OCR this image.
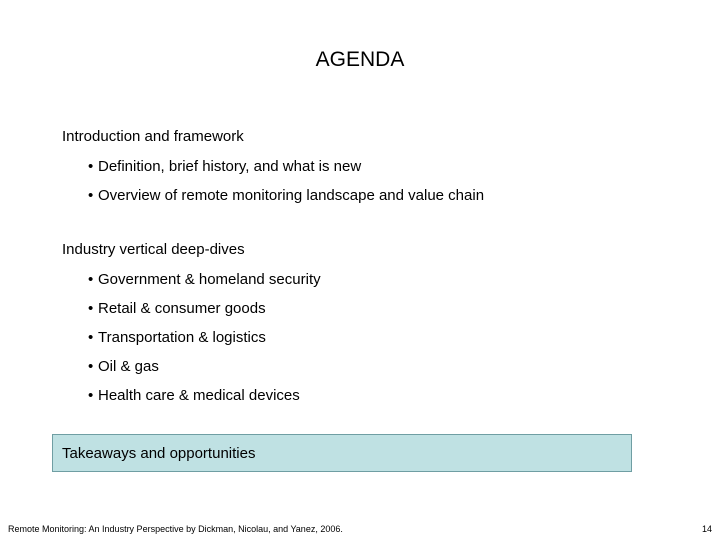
AGENDA
Introduction and framework
• Definition, brief history, and what is new
• Overview of remote monitoring landscape and value chain
Industry vertical deep-dives
• Government & homeland security
• Retail & consumer goods
• Transportation & logistics
• Oil & gas
• Health care & medical devices
Takeaways and opportunities
Remote Monitoring: An Industry Perspective by Dickman, Nicolau, and Yanez, 2006.	14
